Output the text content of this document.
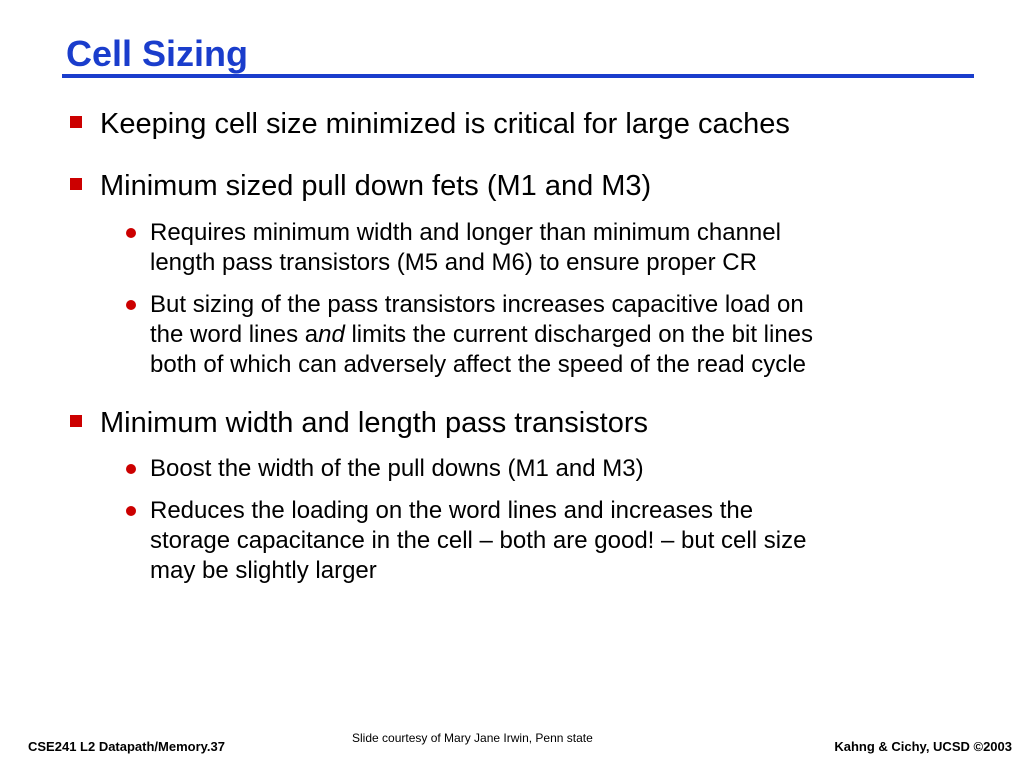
Cell Sizing
Keeping cell size minimized is critical for large caches
Minimum sized pull down fets (M1 and M3)
Requires minimum width and longer than minimum channel
length pass transistors (M5 and M6) to ensure proper CR
But sizing of the pass transistors increases capacitive load on
the word lines and limits the current discharged on the bit lines
both of which can adversely affect the speed of the read cycle
Minimum width and length pass transistors
Boost the width of the pull downs (M1 and M3)
Reduces the loading on the word lines and increases the
storage capacitance in the cell – both are good! – but cell size
may be slightly larger
CSE241 L2 Datapath/Memory.37
Slide courtesy of Mary Jane Irwin, Penn state
Kahng & Cichy, UCSD ©2003
